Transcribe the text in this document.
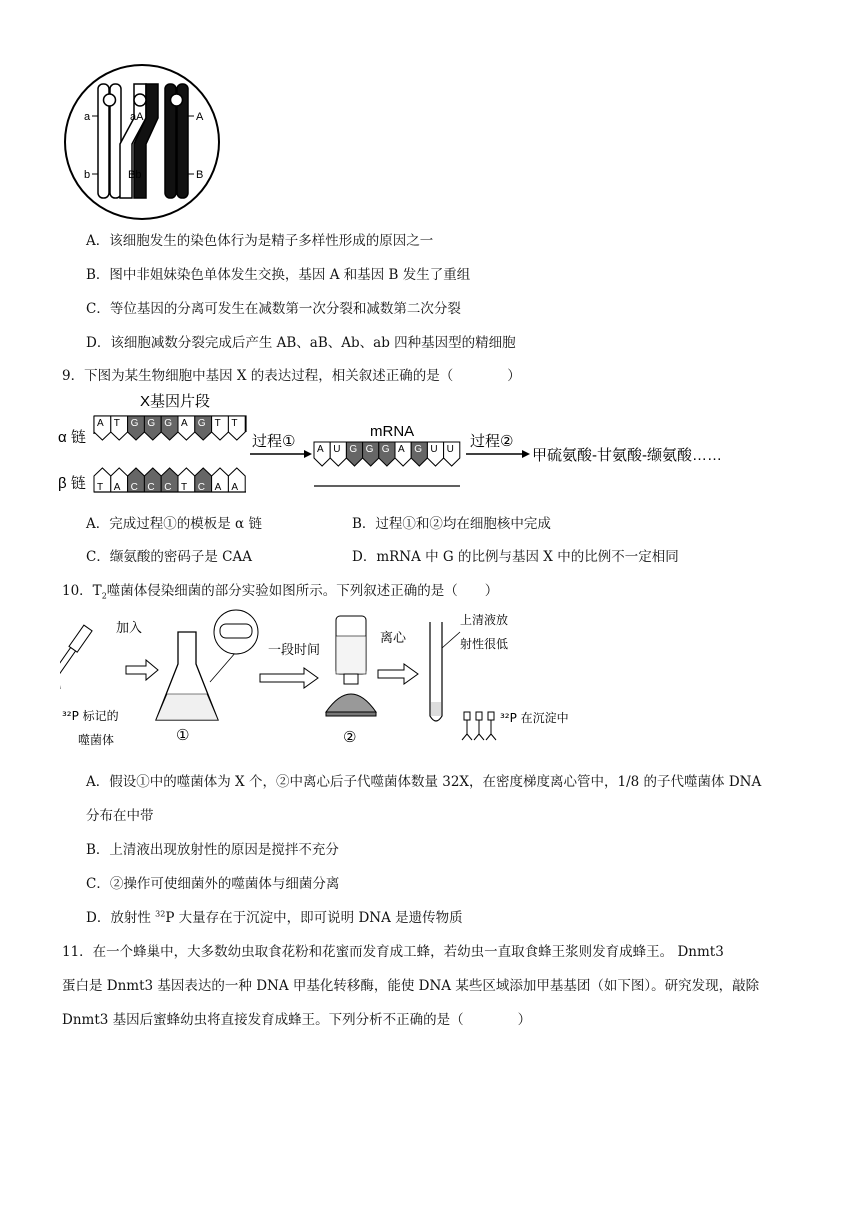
a	aA	A
b	Bb	B
A．该细胞发生的染色体行为是精子多样性形成的原因之一
B．图中非姐妹染色单体发生交换，基因 A 和基因 B 发生了重组
C．等位基因的分离可发生在减数第一次分裂和减数第二次分裂
D．该细胞减数分裂完成后产生 AB、aB、Ab、ab 四种基因型的精细胞
9．下图为某生物细胞中基因 X 的表达过程，相关叙述正确的是（　　　　）
X基因片段
α 链
β 链
A T G G G A G T T
T A C C C T C A A
过程①
mRNA
A U G G G A G U U 过程②
甲硫氨酸-甘氨酸-缬氨酸……
A．完成过程①的模板是 α 链	B．过程①和②均在细胞核中完成
C．缬氨酸的密码子是 CAA	D．mRNA 中 G 的比例与基因 X 中的比例不一定相同
10．$T_2$噬菌体侵染细菌的部分实验如图所示。下列叙述正确的是（　　）
加入
³²P 标记的
噬菌体	①
一段时间
②
离心
上清液放
射性很低
³²P 在沉淀中
A．假设①中的噬菌体为 X 个，②中离心后子代噬菌体数量 32X，在密度梯度离心管中，1/8 的子代噬菌体 DNA
分布在中带
B．上清液出现放射性的原因是搅拌不充分
C．②操作可使细菌外的噬菌体与细菌分离
D．放射性 $^{32}$P 大量存在于沉淀中，即可说明 DNA 是遗传物质
11．在一个蜂巢中，大多数幼虫取食花粉和花蜜而发育成工蜂，若幼虫一直取食蜂王浆则发育成蜂王。 Dnmt3
蛋白是 Dnmt3 基因表达的一种 DNA 甲基化转移酶，能使 DNA 某些区域添加甲基基团（如下图）。研究发现，敲除
Dnmt3 基因后蜜蜂幼虫将直接发育成蜂王。下列分析不正确的是（　　　　）
